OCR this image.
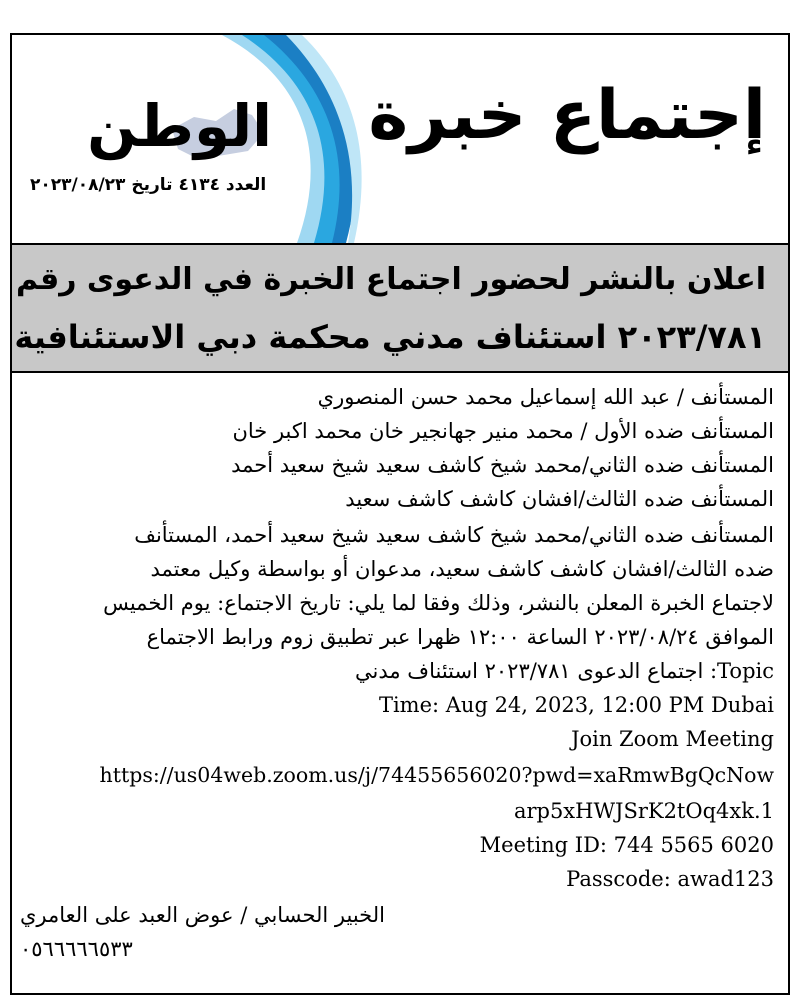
إجتماع خبرة
الوطن
العدد ٤١٣٤ تاريخ ٢٠٢٣/٠٨/٢٣
اعلان بالنشر لحضور اجتماع الخبرة في الدعوى رقم
٢٠٢٣/٧٨١ استئناف مدني محكمة دبي الاستئنافية
المستأنف / عبد الله إسماعيل محمد حسن المنصوري
المستأنف ضده الأول / محمد منير جهانجير خان محمد اكبر خان
المستأنف ضده الثاني/محمد شيخ كاشف سعيد شيخ سعيد أحمد
المستأنف ضده الثالث/افشان كاشف كاشف سعيد
المستأنف ضده الثاني/محمد شيخ كاشف سعيد شيخ سعيد أحمد، المستأنف
ضده الثالث/افشان كاشف كاشف سعيد، مدعوان أو بواسطة وكيل معتمد
لاجتماع الخبرة المعلن بالنشر، وذلك وفقا لما يلي: تاريخ الاجتماع: يوم الخميس
الموافق ٢٠٢٣/٠٨/٢٤ الساعة ١٢:٠٠ ظهرا عبر تطبيق زوم ورابط الاجتماع
Topic: اجتماع الدعوى ٢٠٢٣/٧٨١ استئناف مدني
Time: Aug 24, 2023, 12:00 PM Dubai
Join Zoom Meeting
https://us04web.zoom.us/j/74455656020?pwd=xaRmwBgQcNow
arp5xHWJSrK2tOq4xk.1
Meeting ID: 744 5565 6020
Passcode: awad123
الخبير الحسابي / عوض العبد على العامري
٠٥٦٦٦٦٦٥٣٣
